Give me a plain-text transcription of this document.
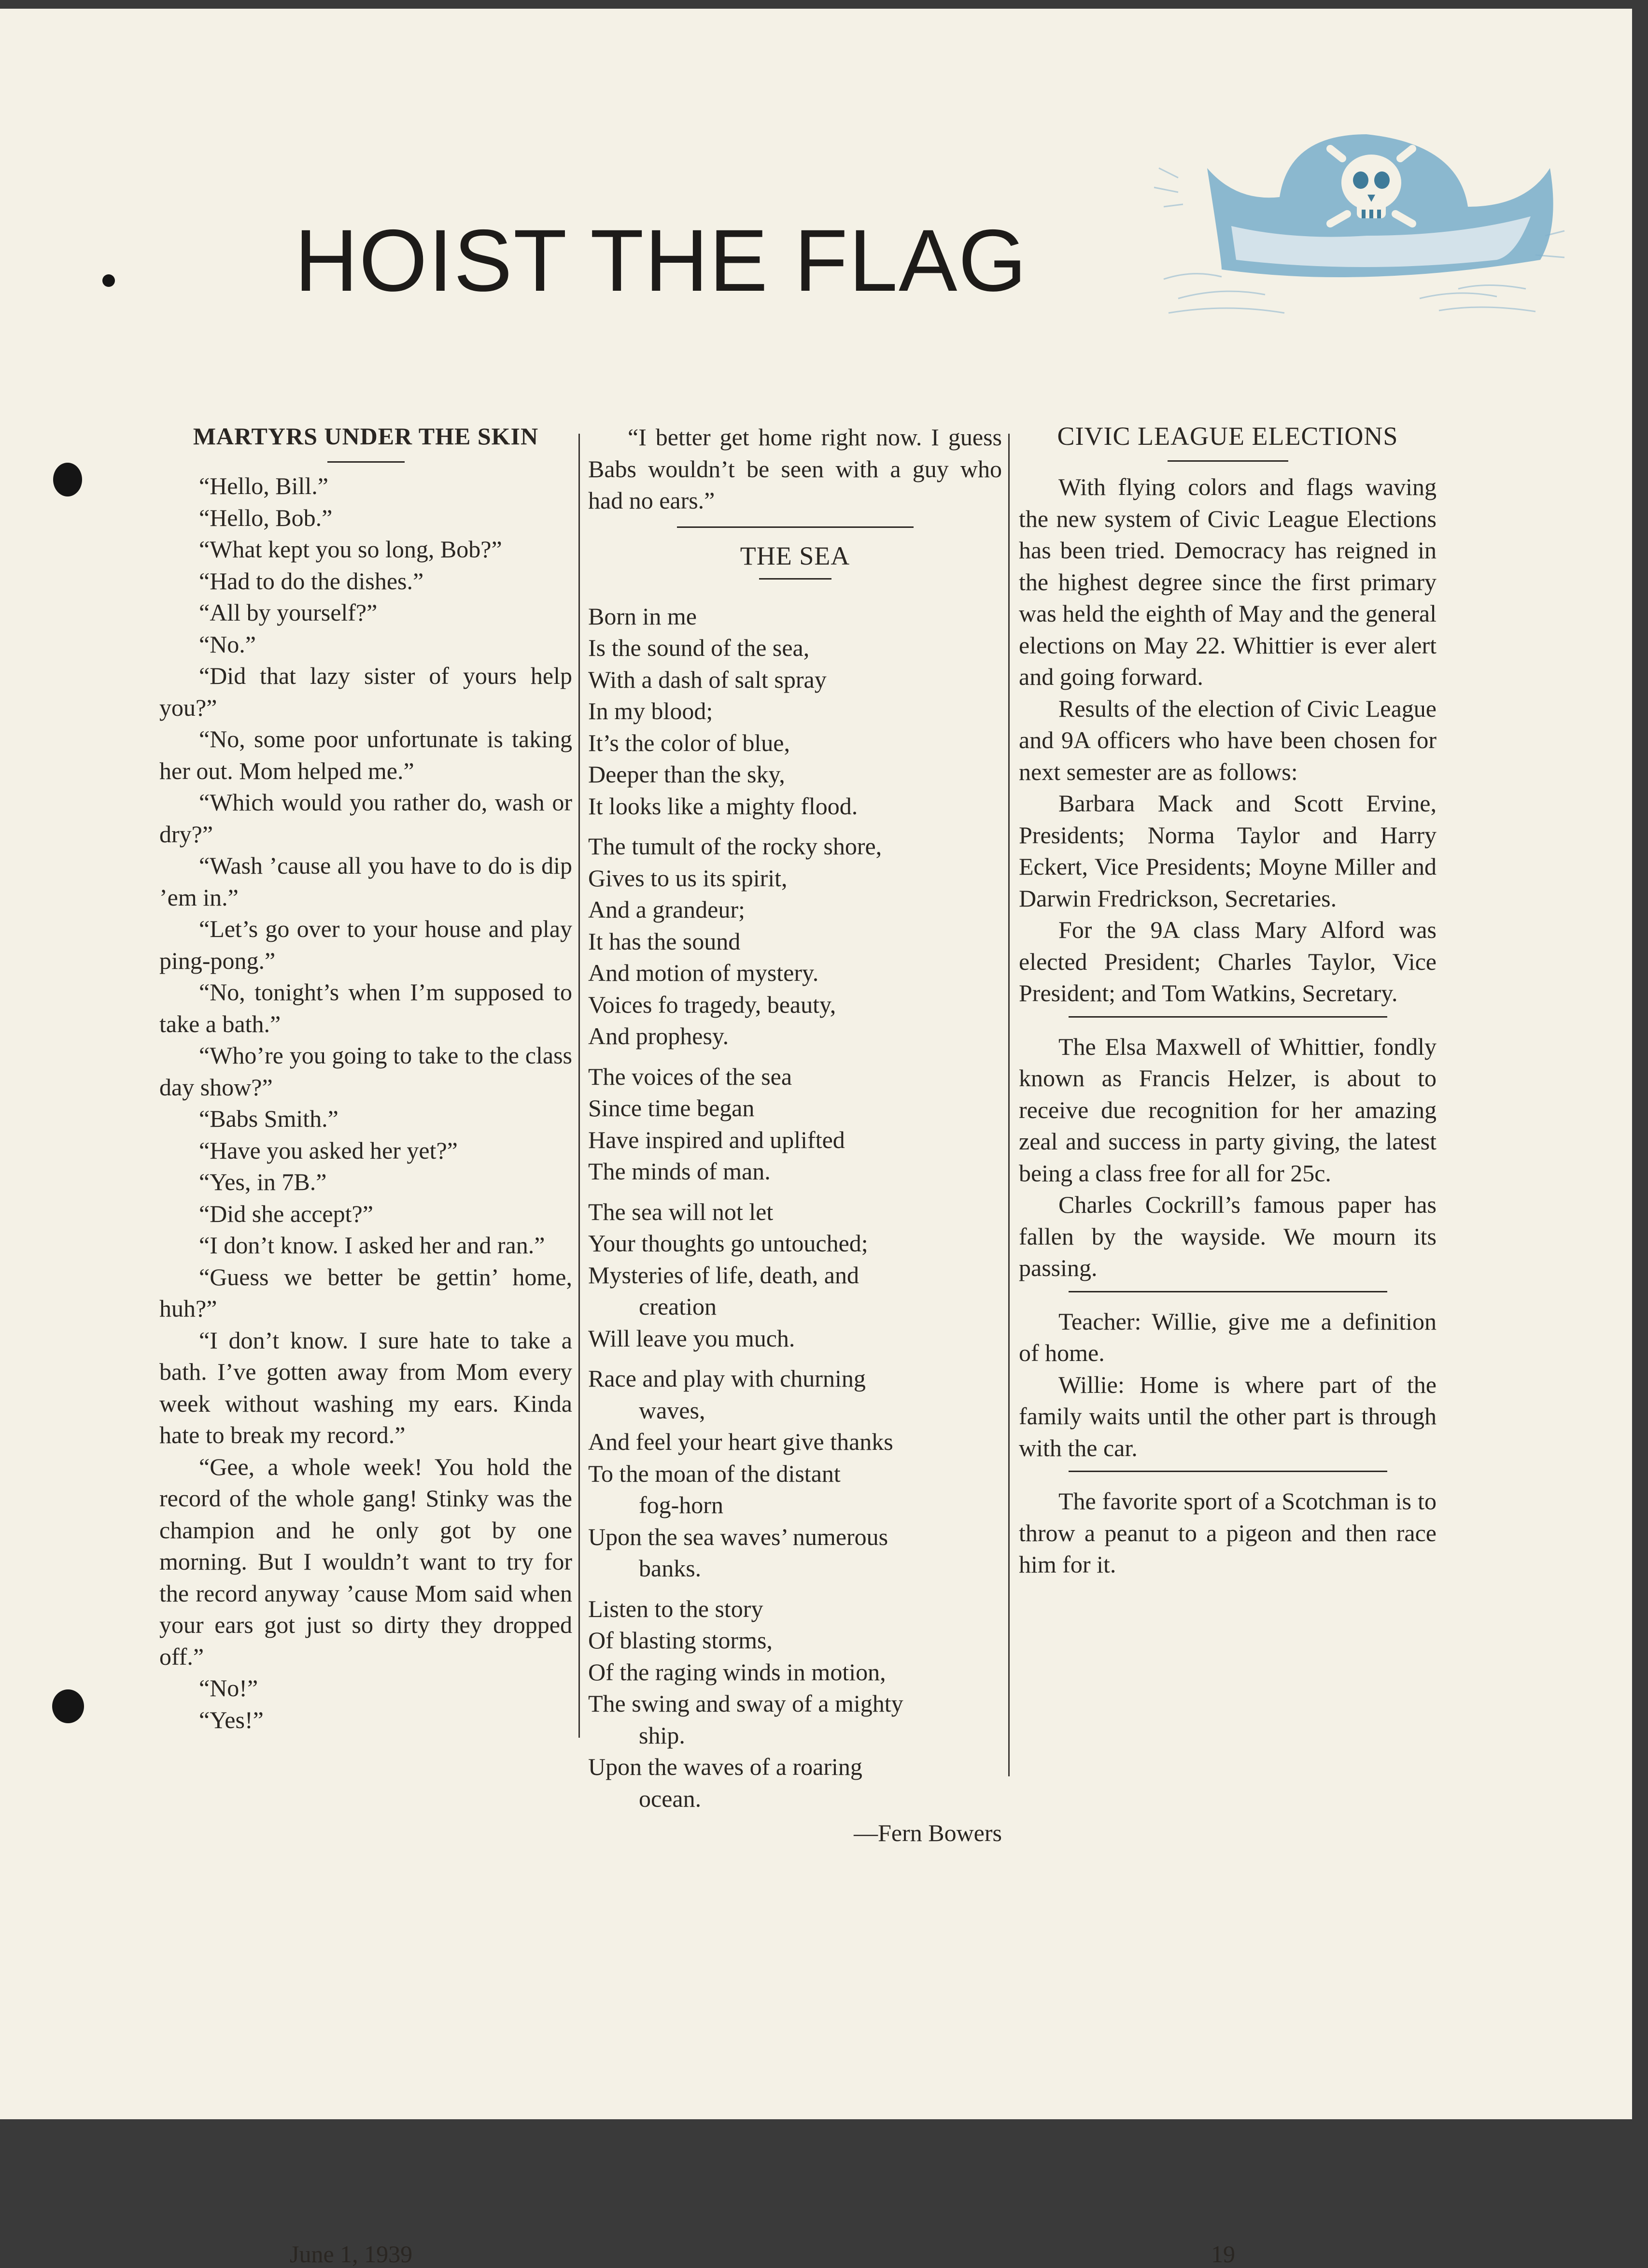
HOIST THE FLAG

MARTYRS UNDER THE SKIN

“Hello, Bill.”

“Hello, Bob.”

“What kept you so long, Bob?”

“Had to do the dishes.”

“All by yourself?”

“No.”

“Did that lazy sister of yours help you?”

“No, some poor unfortunate is taking her out. Mom helped me.”

“Which would you rather do, wash or dry?”

“Wash ’cause all you have to do is dip ’em in.”

“Let’s go over to your house and play ping-pong.”

“No, tonight’s when I’m supposed to take a bath.”

“Who’re you going to take to the class day show?”

“Babs Smith.”

“Have you asked her yet?”

“Yes, in 7B.”

“Did she accept?”

“I don’t know. I asked her and ran.”

“Guess we better be gettin’ home, huh?”

“I don’t know. I sure hate to take a bath. I’ve gotten away from Mom every week without washing my ears. Kinda hate to break my record.”

“Gee, a whole week! You hold the record of the whole gang! Stinky was the champion and he only got by one morning. But I wouldn’t want to try for the record anyway ’cause Mom said when your ears got just so dirty they dropped off.”

“No!”

“Yes!”

“I better get home right now. I guess Babs wouldn’t be seen with a guy who had no ears.”

THE SEA

Born in me

Is the sound of the sea,

With a dash of salt spray

In my blood;

It’s the color of blue,

Deeper than the sky,

It looks like a mighty flood.

The tumult of the rocky shore,

Gives to us its spirit,

And a grandeur;

It has the sound

And motion of mystery.

Voices fo tragedy, beauty,

And prophesy.

The voices of the sea

Since time began

Have inspired and uplifted

The minds of man.

The sea will not let

Your thoughts go untouched;

Mysteries of life, death, and

creation

Will leave you much.

Race and play with churning

waves,

And feel your heart give thanks

To the moan of the distant

fog-horn

Upon the sea waves’ numerous

banks.

Listen to the story

Of blasting storms,

Of the raging winds in motion,

The swing and sway of a mighty

ship.

Upon the waves of a roaring

ocean.

—Fern Bowers

CIVIC LEAGUE ELECTIONS

With flying colors and flags waving the new system of Civic League Elections has been tried. Democracy has reigned in the highest degree since the first primary was held the eighth of May and the general elections on May 22. Whittier is ever alert and going forward.

Results of the election of Civic League and 9A officers who have been chosen for next semester are as follows:

Barbara Mack and Scott Ervine, Presidents; Norma Taylor and Harry Eckert, Vice Presidents; Moyne Miller and Darwin Fredrickson, Secretaries.

For the 9A class Mary Alford was elected President; Charles Taylor, Vice President; and Tom Watkins, Secretary.

The Elsa Maxwell of Whittier, fondly known as Francis Helzer, is about to receive due recognition for her amazing zeal and success in party giving, the latest being a class free for all for 25c.

Charles Cockrill’s famous paper has fallen by the wayside. We mourn its passing.

Teacher: Willie, give me a definition of home.

Willie: Home is where part of the family waits until the other part is through with the car.

The favorite sport of a Scotchman is to throw a peanut to a pigeon and then race him for it.

June 1, 1939	19
